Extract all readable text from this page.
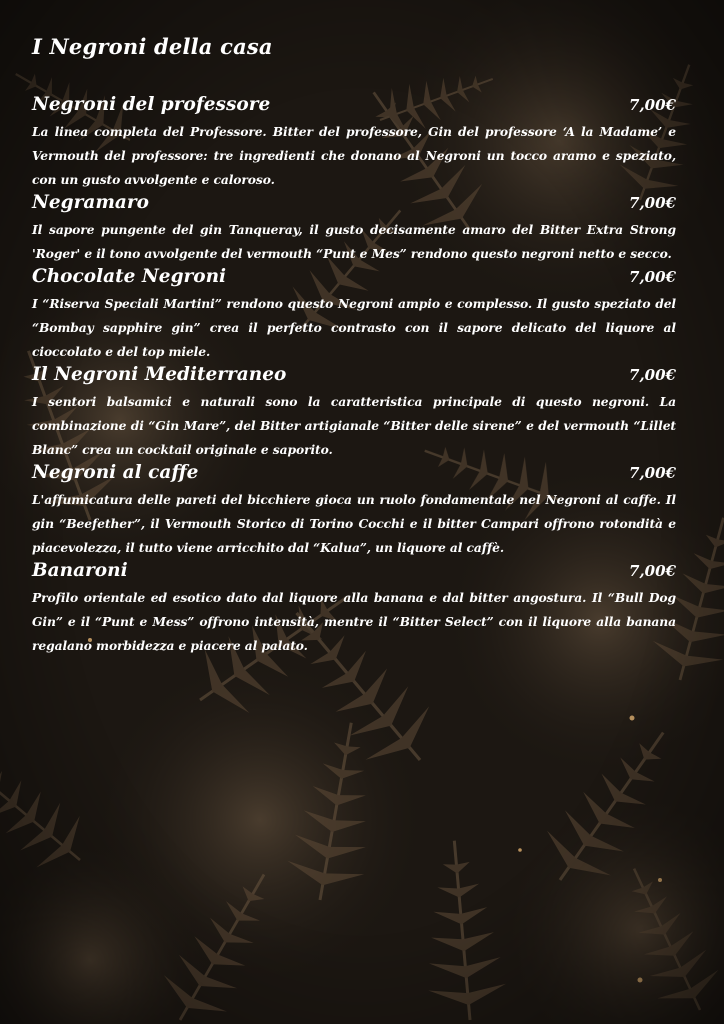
I Negroni della casa
Negroni del professore	7,00€

La linea completa del Professore. Bitter del professore, Gin del professore ‘A la Madame’ e Vermouth del professore: tre ingredienti che donano al Negroni un tocco aramo e speziato, con un gusto avvolgente e caloroso.

Negramaro	7,00€

Il sapore pungente del gin Tanqueray, il gusto decisamente amaro del Bitter Extra Strong 'Roger' e il tono avvolgente del vermouth “Punt e Mes” rendono questo negroni netto e secco.

Chocolate Negroni	7,00€

I “Riserva Speciali Martini” rendono questo Negroni ampio e complesso. Il gusto speziato del “Bombay sapphire gin” crea il perfetto contrasto con il sapore delicato del liquore al cioccolato e del top miele.

Il Negroni Mediterraneo	7,00€

I sentori balsamici e naturali sono la caratteristica principale di questo negroni. La combinazione di “Gin Mare”, del Bitter artigianale “Bitter delle sirene” e del vermouth “Lillet Blanc” crea un cocktail originale e saporito.

Negroni al caffe	7,00€

L'affumicatura delle pareti del bicchiere gioca un ruolo fondamentale nel Negroni al caffe. Il gin “Beefether”, il Vermouth Storico di Torino Cocchi e il bitter Campari offrono rotondità e piacevolezza, il tutto viene arricchito dal “Kalua”, un liquore al caffè.

Banaroni	7,00€

Profilo orientale ed esotico dato dal liquore alla banana e dal bitter angostura. Il “Bull Dog Gin” e il “Punt e Mess” offrono intensità, mentre il “Bitter Select” con il liquore alla banana regalano morbidezza e piacere al palato.
